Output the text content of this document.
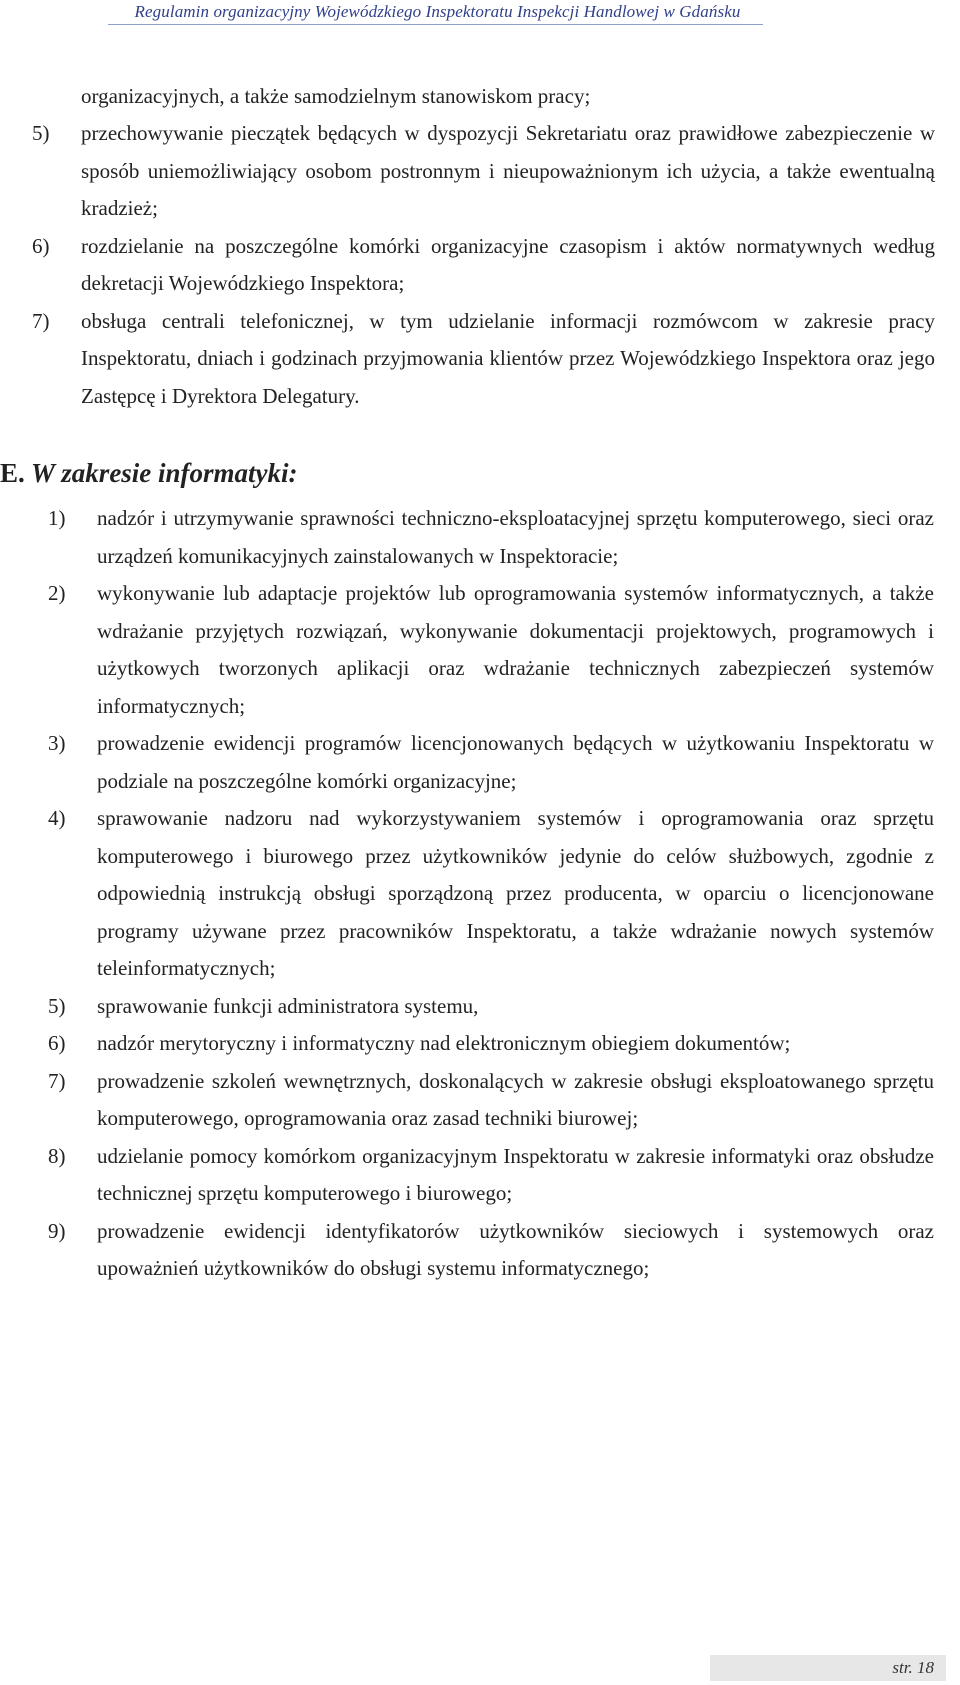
Regulamin organizacyjny Wojewódzkiego Inspektoratu Inspekcji Handlowej w Gdańsku
organizacyjnych, a także samodzielnym stanowiskom pracy;
5) przechowywanie pieczątek będących w dyspozycji Sekretariatu oraz prawidłowe zabezpieczenie w sposób uniemożliwiający osobom postronnym i nieupoważnionym ich użycia, a także ewentualną kradzież;
6) rozdzielanie na poszczególne komórki organizacyjne czasopism i aktów normatywnych według dekretacji Wojewódzkiego Inspektora;
7) obsługa centrali telefonicznej, w tym udzielanie informacji rozmówcom w zakresie pracy Inspektoratu, dniach i godzinach przyjmowania klientów przez Wojewódzkiego Inspektora oraz jego Zastępcę i Dyrektora Delegatury.
E. W zakresie informatyki:
1) nadzór i utrzymywanie sprawności techniczno-eksploatacyjnej sprzętu komputerowego, sieci oraz urządzeń komunikacyjnych zainstalowanych w Inspektoracie;
2) wykonywanie lub adaptacje projektów lub oprogramowania systemów informatycznych, a także wdrażanie przyjętych rozwiązań, wykonywanie dokumentacji projektowych, programowych i użytkowych tworzonych aplikacji oraz wdrażanie technicznych zabezpieczeń systemów informatycznych;
3) prowadzenie ewidencji programów licencjonowanych będących w użytkowaniu Inspektoratu w podziale na poszczególne komórki organizacyjne;
4) sprawowanie nadzoru nad wykorzystywaniem systemów i oprogramowania oraz sprzętu komputerowego i biurowego przez użytkowników jedynie do celów służbowych, zgodnie z odpowiednią instrukcją obsługi sporządzoną przez producenta, w oparciu o licencjonowane programy używane przez pracowników Inspektoratu, a także wdrażanie nowych systemów teleinformatycznych;
5) sprawowanie funkcji administratora systemu,
6) nadzór merytoryczny i informatyczny nad elektronicznym obiegiem dokumentów;
7) prowadzenie szkoleń wewnętrznych, doskonalących w zakresie obsługi eksploatowanego sprzętu komputerowego, oprogramowania oraz zasad techniki biurowej;
8) udzielanie pomocy komórkom organizacyjnym Inspektoratu w zakresie informatyki oraz obsłudze technicznej sprzętu komputerowego i biurowego;
9) prowadzenie ewidencji identyfikatorów użytkowników sieciowych i systemowych oraz upoważnień użytkowników do obsługi systemu informatycznego;
str. 18
